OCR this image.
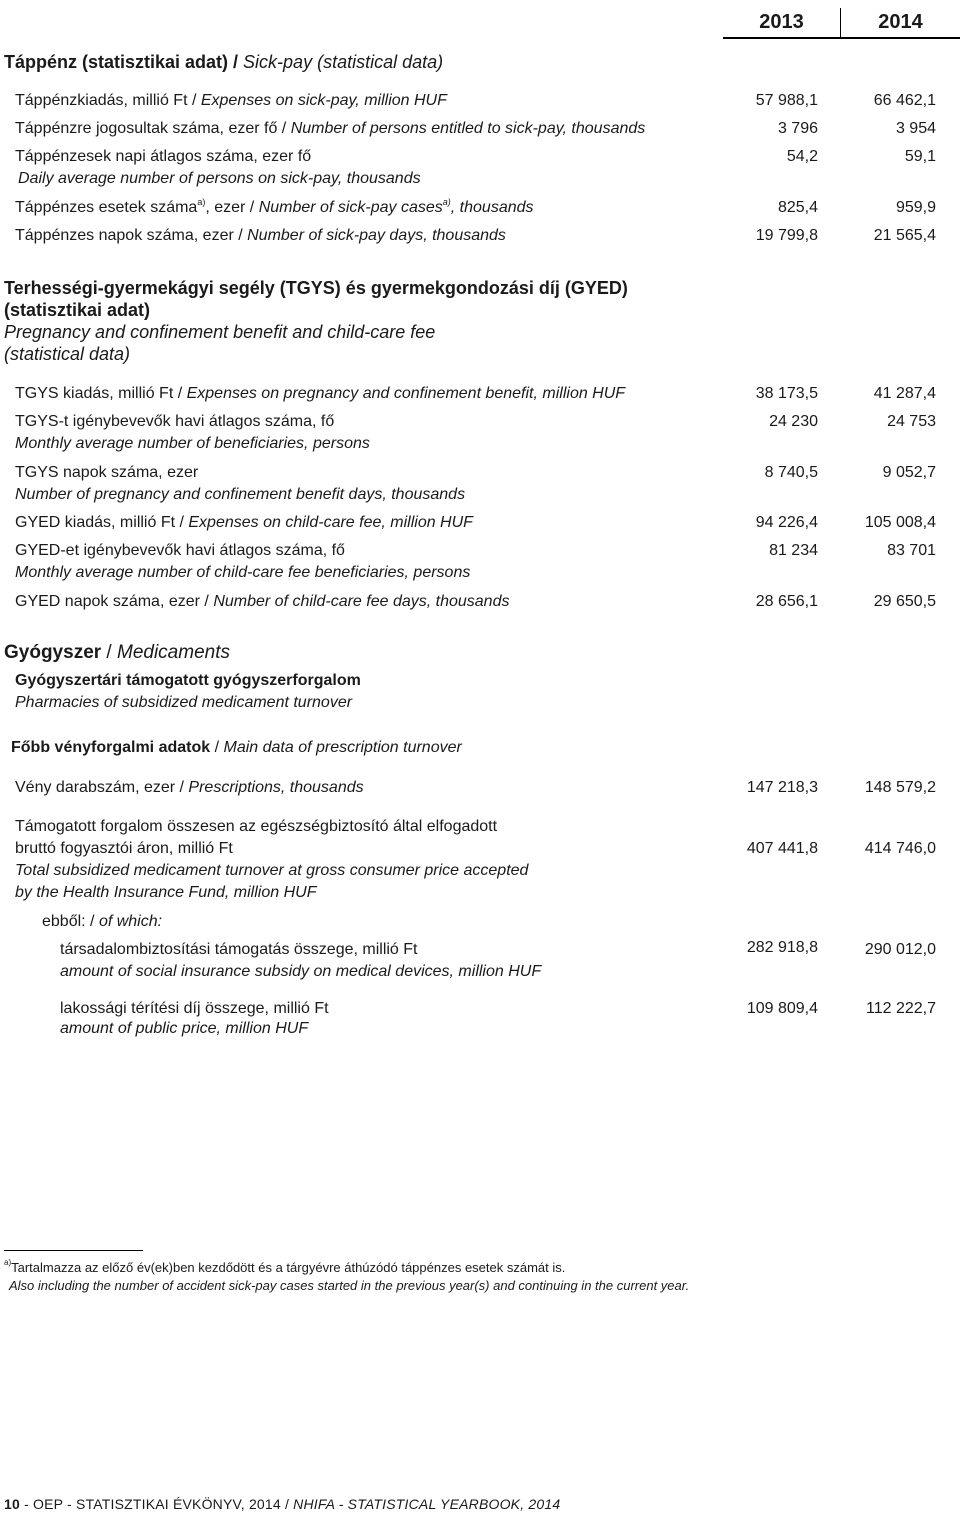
2013	2014
Táppénz (statisztikai adat) / Sick-pay (statistical data)
Táppénzkiadás, millió Ft / Expenses on sick-pay, million HUF	57 988,1	66 462,1
Táppénzre jogosultak száma, ezer fő / Number of persons entitled to sick-pay, thousands	3 796	3 954
Táppénzesek napi átlagos száma, ezer fő
Daily average number of persons on sick-pay, thousands
54,2	59,1
Táppénzes esetek száma$^{a)}$, ezer / Number of sick-pay cases$^{a)}$, thousands	825,4	959,9
Táppénzes napok száma, ezer / Number of sick-pay days, thousands	19 799,8	21 565,4
Terhességi-gyermekágyi segély (TGYS) és gyermekgondozási díj (GYED)
(statisztikai adat)
Pregnancy and confinement benefit and child-care fee
(statistical data)
TGYS kiadás, millió Ft / Expenses on pregnancy and confinement benefit, million HUF	38 173,5	41 287,4
TGYS-t igénybevevők havi átlagos száma, fő
Monthly average number of beneficiaries, persons
24 230	24 753
TGYS napok száma, ezer
Number of pregnancy and confinement benefit days, thousands
8 740,5	9 052,7
GYED kiadás, millió Ft / Expenses on child-care fee, million HUF	94 226,4	105 008,4
GYED-et igénybevevők havi átlagos száma, fő
Monthly average number of child-care fee beneficiaries, persons
81 234	83 701
GYED napok száma, ezer / Number of child-care fee days, thousands	28 656,1	29 650,5
Gyógyszer / Medicaments
Gyógyszertári támogatott gyógyszerforgalom
Pharmacies of subsidized medicament turnover
Főbb vényforgalmi adatok / Main data of prescription turnover
Vény darabszám, ezer / Prescriptions, thousands	147 218,3	148 579,2
Támogatott forgalom összesen az egészségbiztosító által elfogadott
bruttó fogyasztói áron, millió Ft
Total subsidized medicament turnover at gross consumer price accepted
by the Health Insurance Fund, million HUF
407 441,8	414 746,0
ebből: / of which:
társadalombiztosítási támogatás összege, millió Ft
amount of social insurance subsidy on medical devices, million HUF
282 918,8	290 012,0
lakossági térítési díj összege, millió Ft
amount of public price, million HUF
109 809,4	112 222,7
$^{a)}$Tartalmazza az előző év(ek)ben kezdődött és a tárgyévre áthúzódó táppénzes esetek számát is.
Also including the number of accident sick-pay cases started in the previous year(s) and continuing in the current year.
10 - OEP - STATISZTIKAI ÉVKÖNYV, 2014 / NHIFA - STATISTICAL YEARBOOK, 2014
